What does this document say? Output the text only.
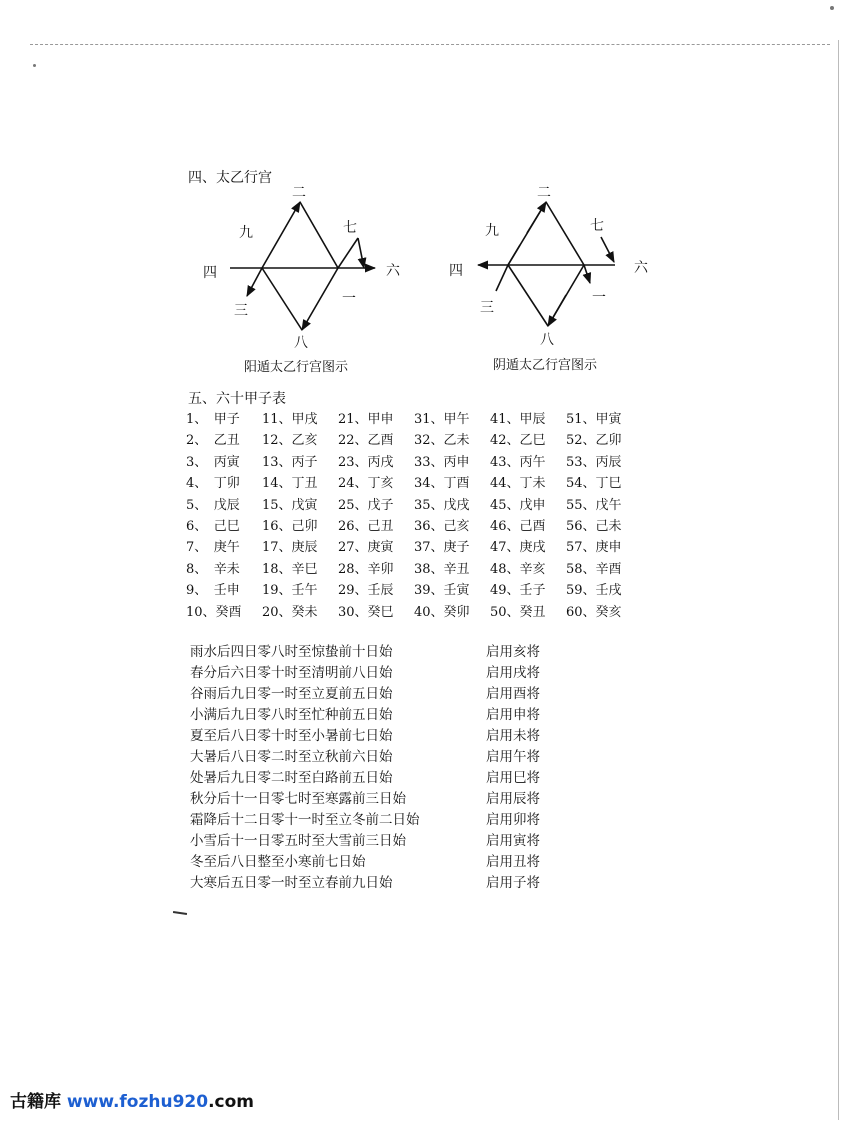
四、太乙行宫
二
九	七
四	六
三
一
八
阳遁太乙行宫图示
二
九	七
四	六
三
一
八
阴遁太乙行宫图示
五、六十甲子表
1、　甲子 11、甲戌 21、甲申 31、甲午 41、甲辰 51、甲寅
2、　乙丑 12、乙亥 22、乙酉 32、乙未 42、乙巳 52、乙卯
3、　丙寅 13、丙子 23、丙戌 33、丙申 43、丙午 53、丙辰
4、　丁卯 14、丁丑 24、丁亥 34、丁酉 44、丁未 54、丁巳
5、　戊辰 15、戊寅 25、戊子 35、戊戌 45、戊申 55、戊午
6、　己巳 16、己卯 26、己丑 36、己亥 46、己酉 56、己未
7、　庚午 17、庚辰 27、庚寅 37、庚子 47、庚戌 57、庚申
8、　辛未 18、辛巳 28、辛卯 38、辛丑 48、辛亥 58、辛酉
9、　壬申 19、壬午 29、壬辰 39、壬寅 49、壬子 59、壬戌
10、癸酉 20、癸未 30、癸巳 40、癸卯 50、癸丑 60、癸亥
雨水后四日零八时至惊蛰前十日始	启用亥将
春分后六日零十时至清明前八日始	启用戌将
谷雨后九日零一时至立夏前五日始	启用酉将
小满后九日零八时至忙种前五日始	启用申将
夏至后八日零十时至小暑前七日始	启用未将
大暑后八日零二时至立秋前六日始	启用午将
处暑后九日零二时至白路前五日始	启用巳将
秋分后十一日零七时至寒露前三日始	启用辰将
霜降后十二日零十一时至立冬前二日始	启用卯将
小雪后十一日零五时至大雪前三日始	启用寅将
冬至后八日整至小寒前七日始	启用丑将
大寒后五日零一时至立春前九日始	启用子将
古籍库 www.fozhu920.com
